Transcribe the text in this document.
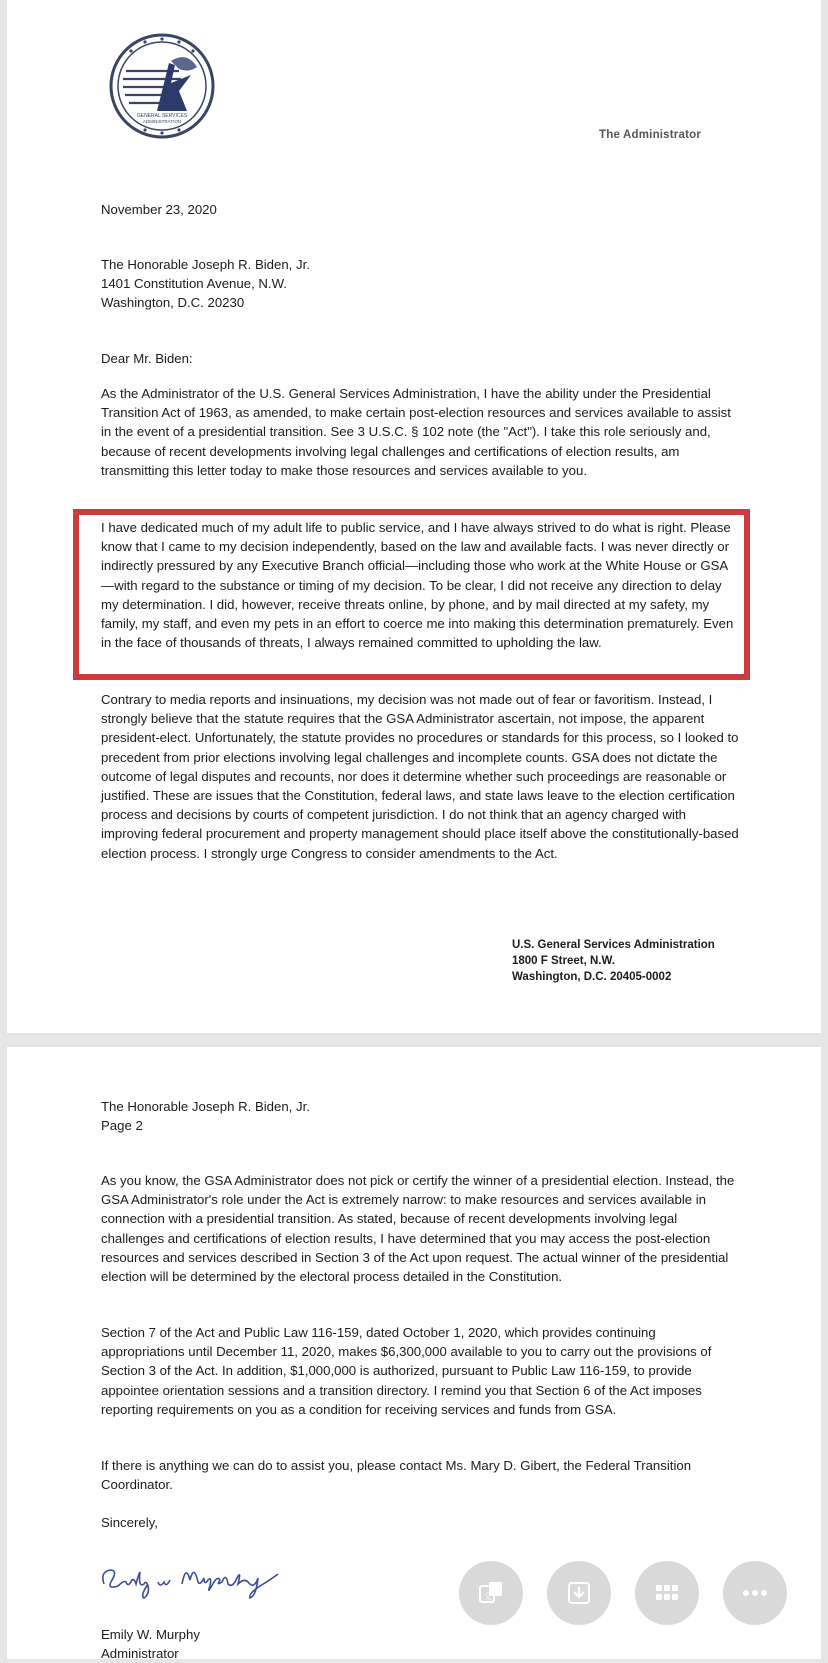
GENERAL SERVICES
ADMINISTRATION
The Administrator
November 23, 2020
The Honorable Joseph R. Biden, Jr.
1401 Constitution Avenue, N.W.
Washington, D.C. 20230
Dear Mr. Biden:

As the Administrator of the U.S. General Services Administration, I have the ability under the Presidential Transition Act of 1963, as amended, to make certain post-election resources and services available to assist in the event of a presidential transition. See 3 U.S.C. § 102 note (the "Act"). I take this role seriously and, because of recent developments involving legal challenges and certifications of election results, am transmitting this letter today to make those resources and services available to you.

I have dedicated much of my adult life to public service, and I have always strived to do what is right. Please know that I came to my decision independently, based on the law and available facts. I was never directly or indirectly pressured by any Executive Branch official—including those who work at the White House or GSA—with regard to the substance or timing of my decision. To be clear, I did not receive any direction to delay my determination. I did, however, receive threats online, by phone, and by mail directed at my safety, my family, my staff, and even my pets in an effort to coerce me into making this determination prematurely. Even in the face of thousands of threats, I always remained committed to upholding the law.

Contrary to media reports and insinuations, my decision was not made out of fear or favoritism. Instead, I strongly believe that the statute requires that the GSA Administrator ascertain, not impose, the apparent president-elect. Unfortunately, the statute provides no procedures or standards for this process, so I looked to precedent from prior elections involving legal challenges and incomplete counts. GSA does not dictate the outcome of legal disputes and recounts, nor does it determine whether such proceedings are reasonable or justified. These are issues that the Constitution, federal laws, and state laws leave to the election certification process and decisions by courts of competent jurisdiction. I do not think that an agency charged with improving federal procurement and property management should place itself above the constitutionally-based election process. I strongly urge Congress to consider amendments to the Act.

U.S. General Services Administration
1800 F Street, N.W.
Washington, D.C. 20405-0002
The Honorable Joseph R. Biden, Jr.
Page 2

As you know, the GSA Administrator does not pick or certify the winner of a presidential election. Instead, the GSA Administrator's role under the Act is extremely narrow: to make resources and services available in connection with a presidential transition. As stated, because of recent developments involving legal challenges and certifications of election results, I have determined that you may access the post-election resources and services described in Section 3 of the Act upon request. The actual winner of the presidential election will be determined by the electoral process detailed in the Constitution.

Section 7 of the Act and Public Law 116-159, dated October 1, 2020, which provides continuing appropriations until December 11, 2020, makes $6,300,000 available to you to carry out the provisions of Section 3 of the Act. In addition, $1,000,000 is authorized, pursuant to Public Law 116-159, to provide appointee orientation sessions and a transition directory. I remind you that Section 6 of the Act imposes reporting requirements on you as a condition for receiving services and funds from GSA.

If there is anything we can do to assist you, please contact Ms. Mary D. Gibert, the Federal Transition Coordinator.

Sincerely,
Emily W. Murphy
Administrator
文
